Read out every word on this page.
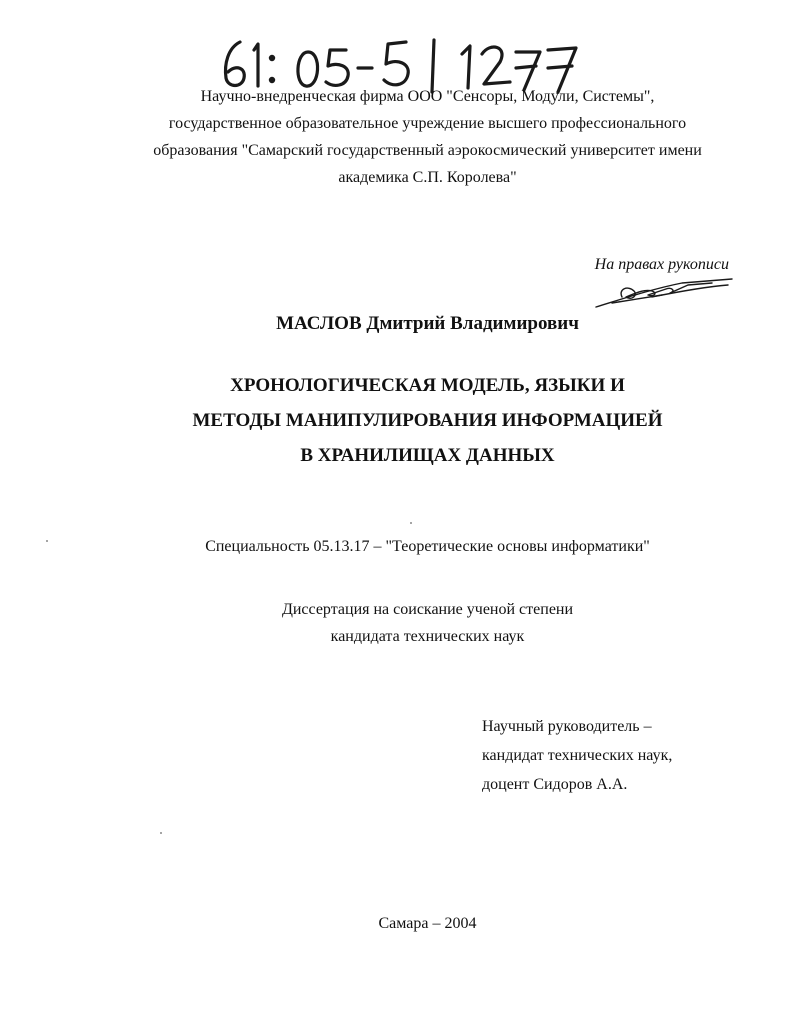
Научно-внедренческая фирма ООО "Сенсоры, Модули, Системы",
государственное образовательное учреждение высшего профессионального
образования "Самарский государственный аэрокосмический университет имени
академика С.П. Королева"
На правах рукописи
МАСЛОВ Дмитрий Владимирович
ХРОНОЛОГИЧЕСКАЯ МОДЕЛЬ, ЯЗЫКИ И
МЕТОДЫ МАНИПУЛИРОВАНИЯ ИНФОРМАЦИЕЙ
В ХРАНИЛИЩАХ ДАННЫХ
Специальность 05.13.17 – "Теоретические основы информатики"
Диссертация на соискание ученой степени
кандидата технических наук
Научный руководитель –
кандидат технических наук,
доцент Сидоров А.А.
Самара – 2004
